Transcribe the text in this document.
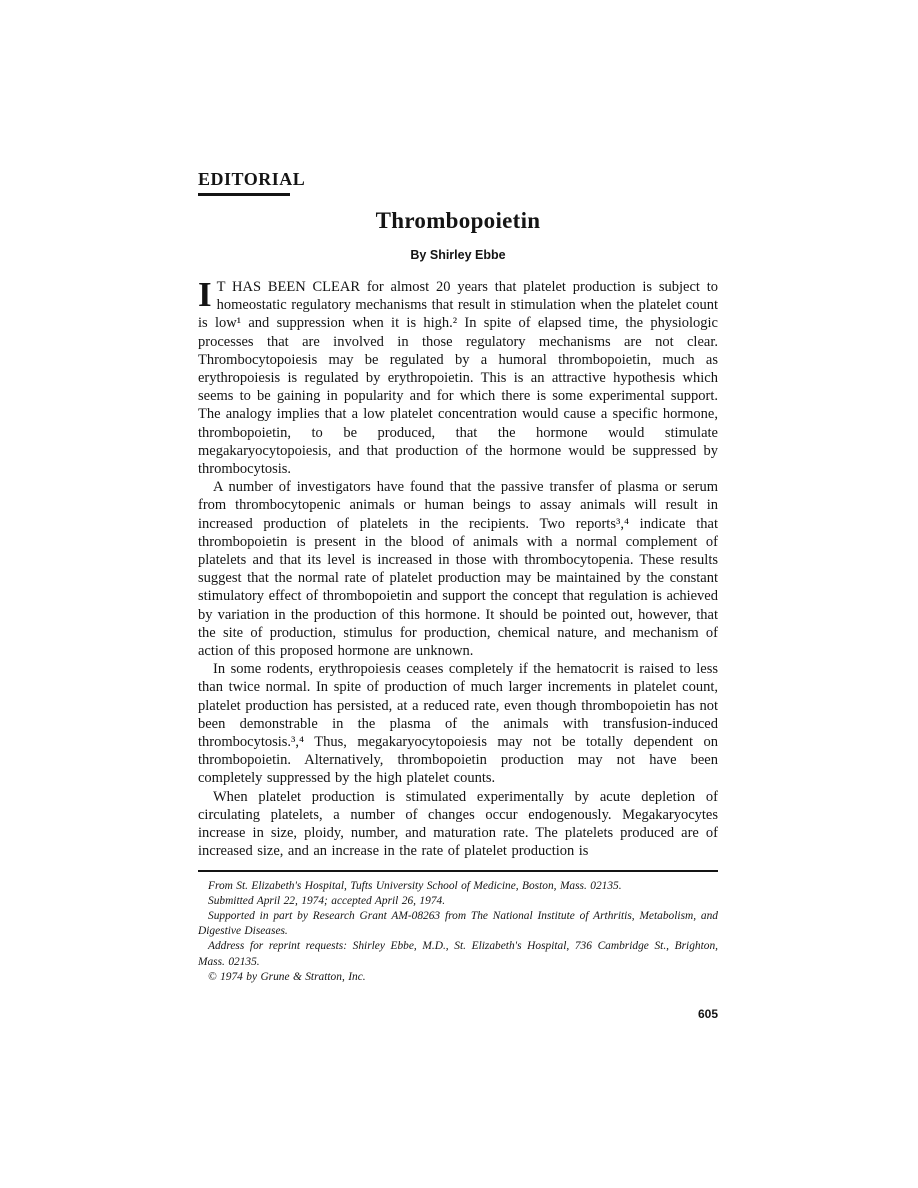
EDITORIAL
Thrombopoietin
By Shirley Ebbe

I T HAS BEEN CLEAR for almost 20 years that platelet production is subject to homeostatic regulatory mechanisms that result in stimulation when the platelet count is low¹ and suppression when it is high.² In spite of elapsed time, the physiologic processes that are involved in those regulatory mechanisms are not clear. Thrombocytopoiesis may be regulated by a humoral thrombopoietin, much as erythropoiesis is regulated by erythropoietin. This is an attractive hypothesis which seems to be gaining in popularity and for which there is some experimental support. The analogy implies that a low platelet concentration would cause a specific hormone, thrombopoietin, to be produced, that the hormone would stimulate megakaryocytopoiesis, and that production of the hormone would be suppressed by thrombocytosis.

A number of investigators have found that the passive transfer of plasma or serum from thrombocytopenic animals or human beings to assay animals will result in increased production of platelets in the recipients. Two reports³,⁴ indicate that thrombopoietin is present in the blood of animals with a normal complement of platelets and that its level is increased in those with thrombocytopenia. These results suggest that the normal rate of platelet production may be maintained by the constant stimulatory effect of thrombopoietin and support the concept that regulation is achieved by variation in the production of this hormone. It should be pointed out, however, that the site of production, stimulus for production, chemical nature, and mechanism of action of this proposed hormone are unknown.

In some rodents, erythropoiesis ceases completely if the hematocrit is raised to less than twice normal. In spite of production of much larger increments in platelet count, platelet production has persisted, at a reduced rate, even though thrombopoietin has not been demonstrable in the plasma of the animals with transfusion-induced thrombocytosis.³,⁴ Thus, megakaryocytopoiesis may not be totally dependent on thrombopoietin. Alternatively, thrombopoietin production may not have been completely suppressed by the high platelet counts.

When platelet production is stimulated experimentally by acute depletion of circulating platelets, a number of changes occur endogenously. Megakaryocytes increase in size, ploidy, number, and maturation rate. The platelets produced are of increased size, and an increase in the rate of platelet production is

From St. Elizabeth's Hospital, Tufts University School of Medicine, Boston, Mass. 02135.

Submitted April 22, 1974; accepted April 26, 1974.

Supported in part by Research Grant AM-08263 from The National Institute of Arthritis, Metabolism, and Digestive Diseases.

Address for reprint requests: Shirley Ebbe, M.D., St. Elizabeth's Hospital, 736 Cambridge St., Brighton, Mass. 02135.

© 1974 by Grune & Stratton, Inc.

605
